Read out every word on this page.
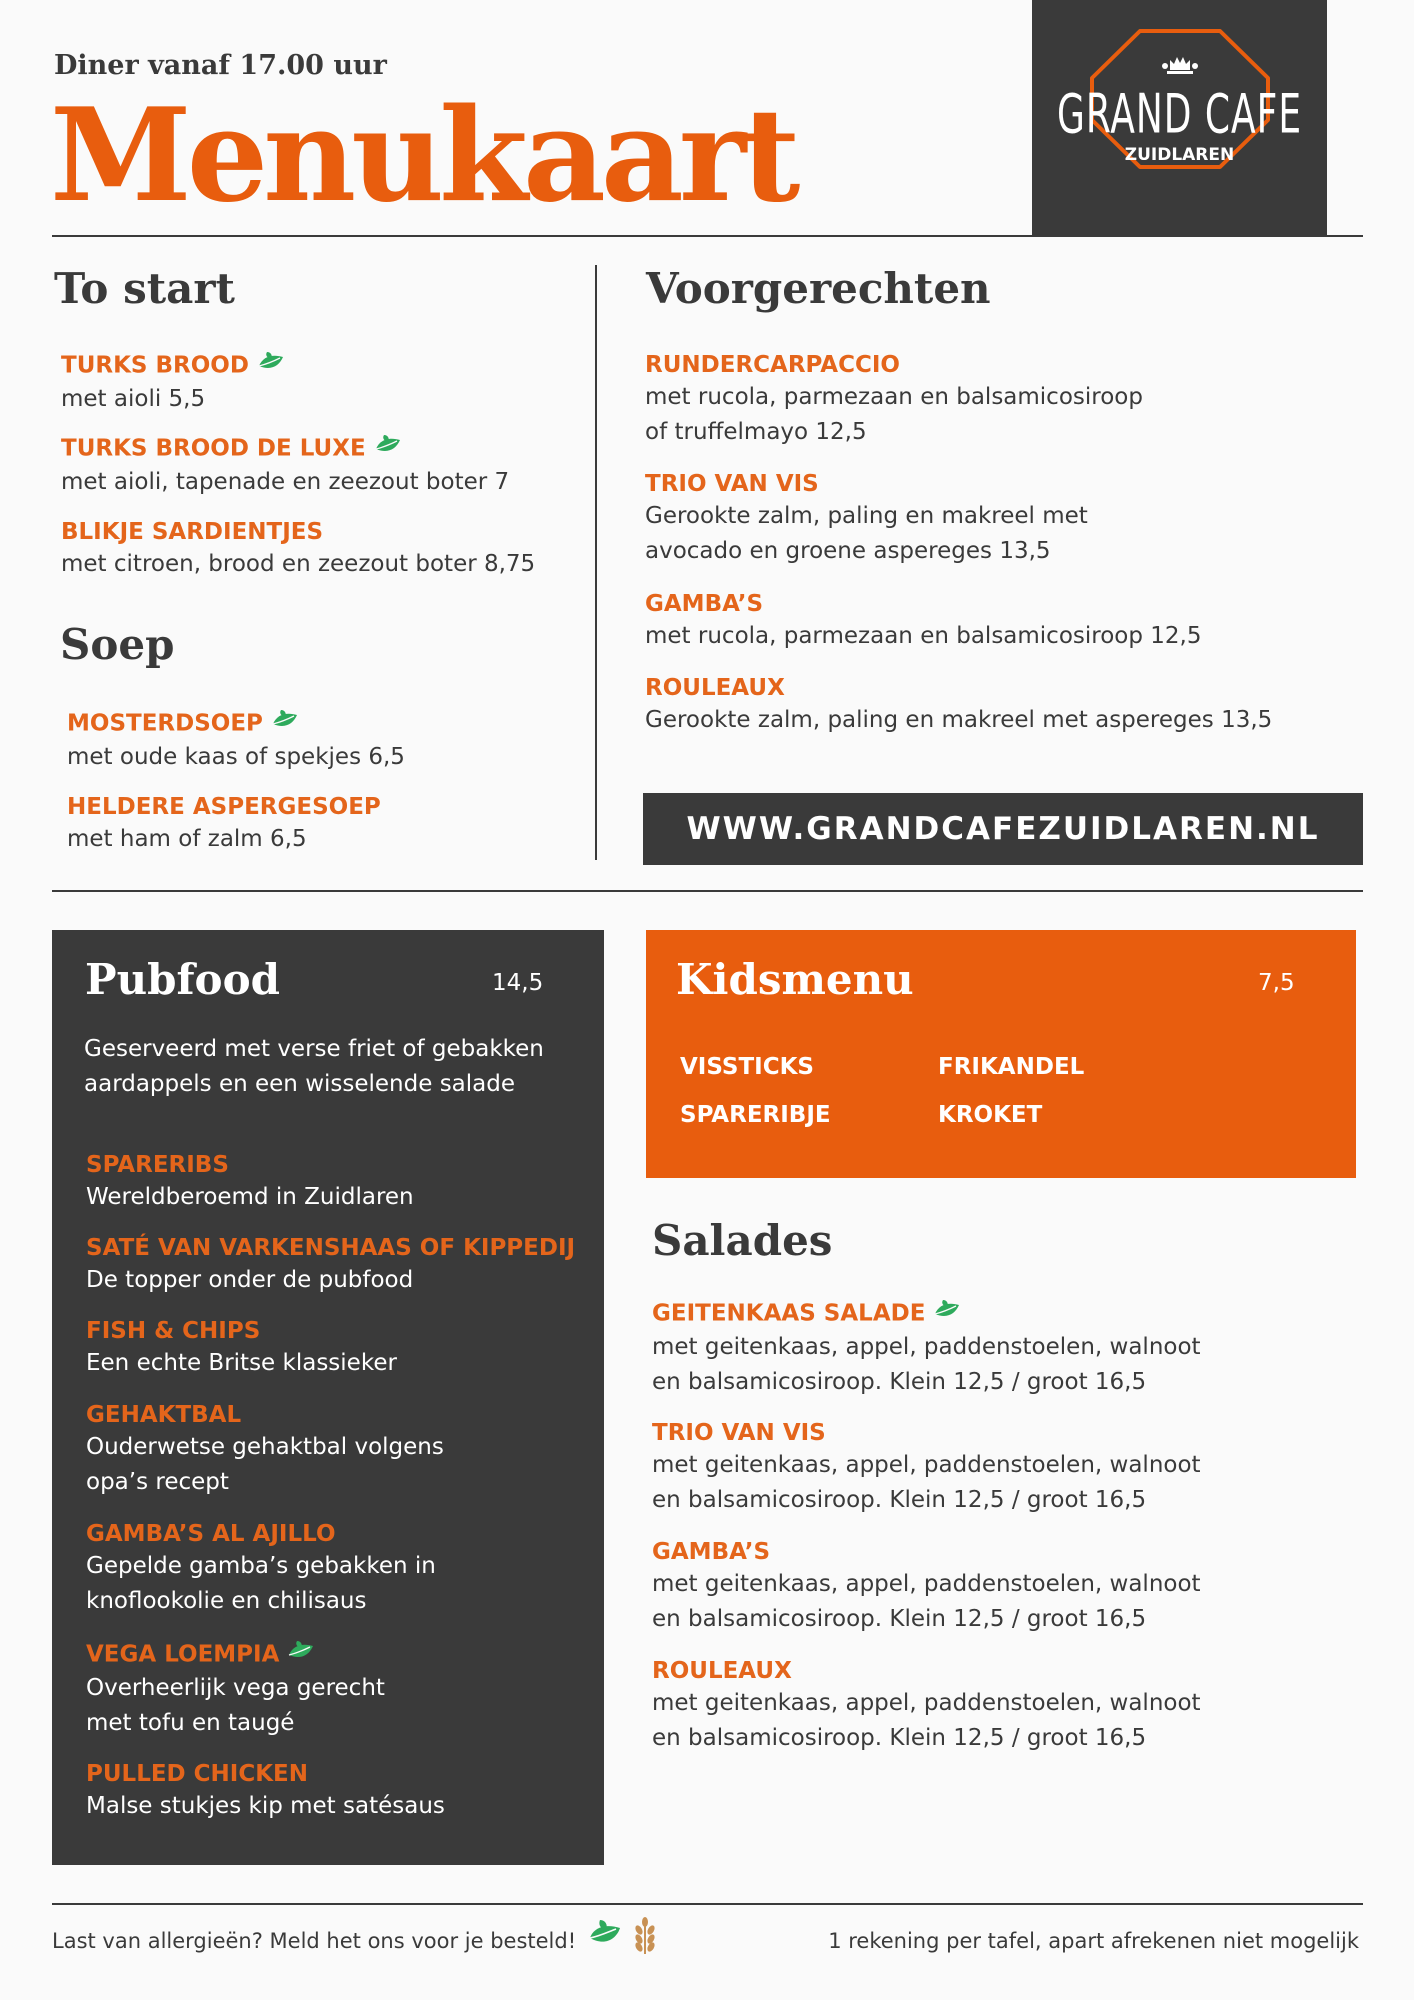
Diner vanaf 17.00 uur
Menukaart	GRAND CAFE
ZUIDLAREN
To start
TURKS BROOD
met aioli 5,5
TURKS BROOD DE LUXE
met aioli, tapenade en zeezout boter 7
BLIKJE SARDIENTJES
met citroen, brood en zeezout boter 8,75
Soep
MOSTERDSOEP
met oude kaas of spekjes 6,5
HELDERE ASPERGESOEP
met ham of zalm 6,5
Voorgerechten
RUNDERCARPACCIO
met rucola, parmezaan en balsamicosiroop
of truffelmayo 12,5
TRIO VAN VIS
Gerookte zalm, paling en makreel met
avocado en groene aspereges 13,5
GAMBA’S
met rucola, parmezaan en balsamicosiroop 12,5
ROULEAUX
Gerookte zalm, paling en makreel met aspereges 13,5
WWW.GRANDCAFEZUIDLAREN.NL
Pubfood	14,5
Geserveerd met verse friet of gebakken
aardappels en een wisselende salade
SPARERIBS
Wereldberoemd in Zuidlaren
SATÉ VAN VARKENSHAAS OF KIPPEDIJ
De topper onder de pubfood
FISH & CHIPS
Een echte Britse klassieker
GEHAKTBAL
Ouderwetse gehaktbal volgens
opa’s recept
GAMBA’S AL AJILLO
Gepelde gamba’s gebakken in
knoflookolie en chilisaus
VEGA LOEMPIA
Overheerlijk vega gerecht
met tofu en taugé
PULLED CHICKEN
Malse stukjes kip met satésaus
Kidsmenu	7,5
VISSTICKS	FRIKANDEL
SPARERIBJE	KROKET
Salades
GEITENKAAS SALADE
met geitenkaas, appel, paddenstoelen, walnoot
en balsamicosiroop. Klein 12,5 / groot 16,5
TRIO VAN VIS
met geitenkaas, appel, paddenstoelen, walnoot
en balsamicosiroop. Klein 12,5 / groot 16,5
GAMBA’S
met geitenkaas, appel, paddenstoelen, walnoot
en balsamicosiroop. Klein 12,5 / groot 16,5
ROULEAUX
met geitenkaas, appel, paddenstoelen, walnoot
en balsamicosiroop. Klein 12,5 / groot 16,5
Last van allergieën? Meld het ons voor je besteld!	1 rekening per tafel, apart afrekenen niet mogelijk
